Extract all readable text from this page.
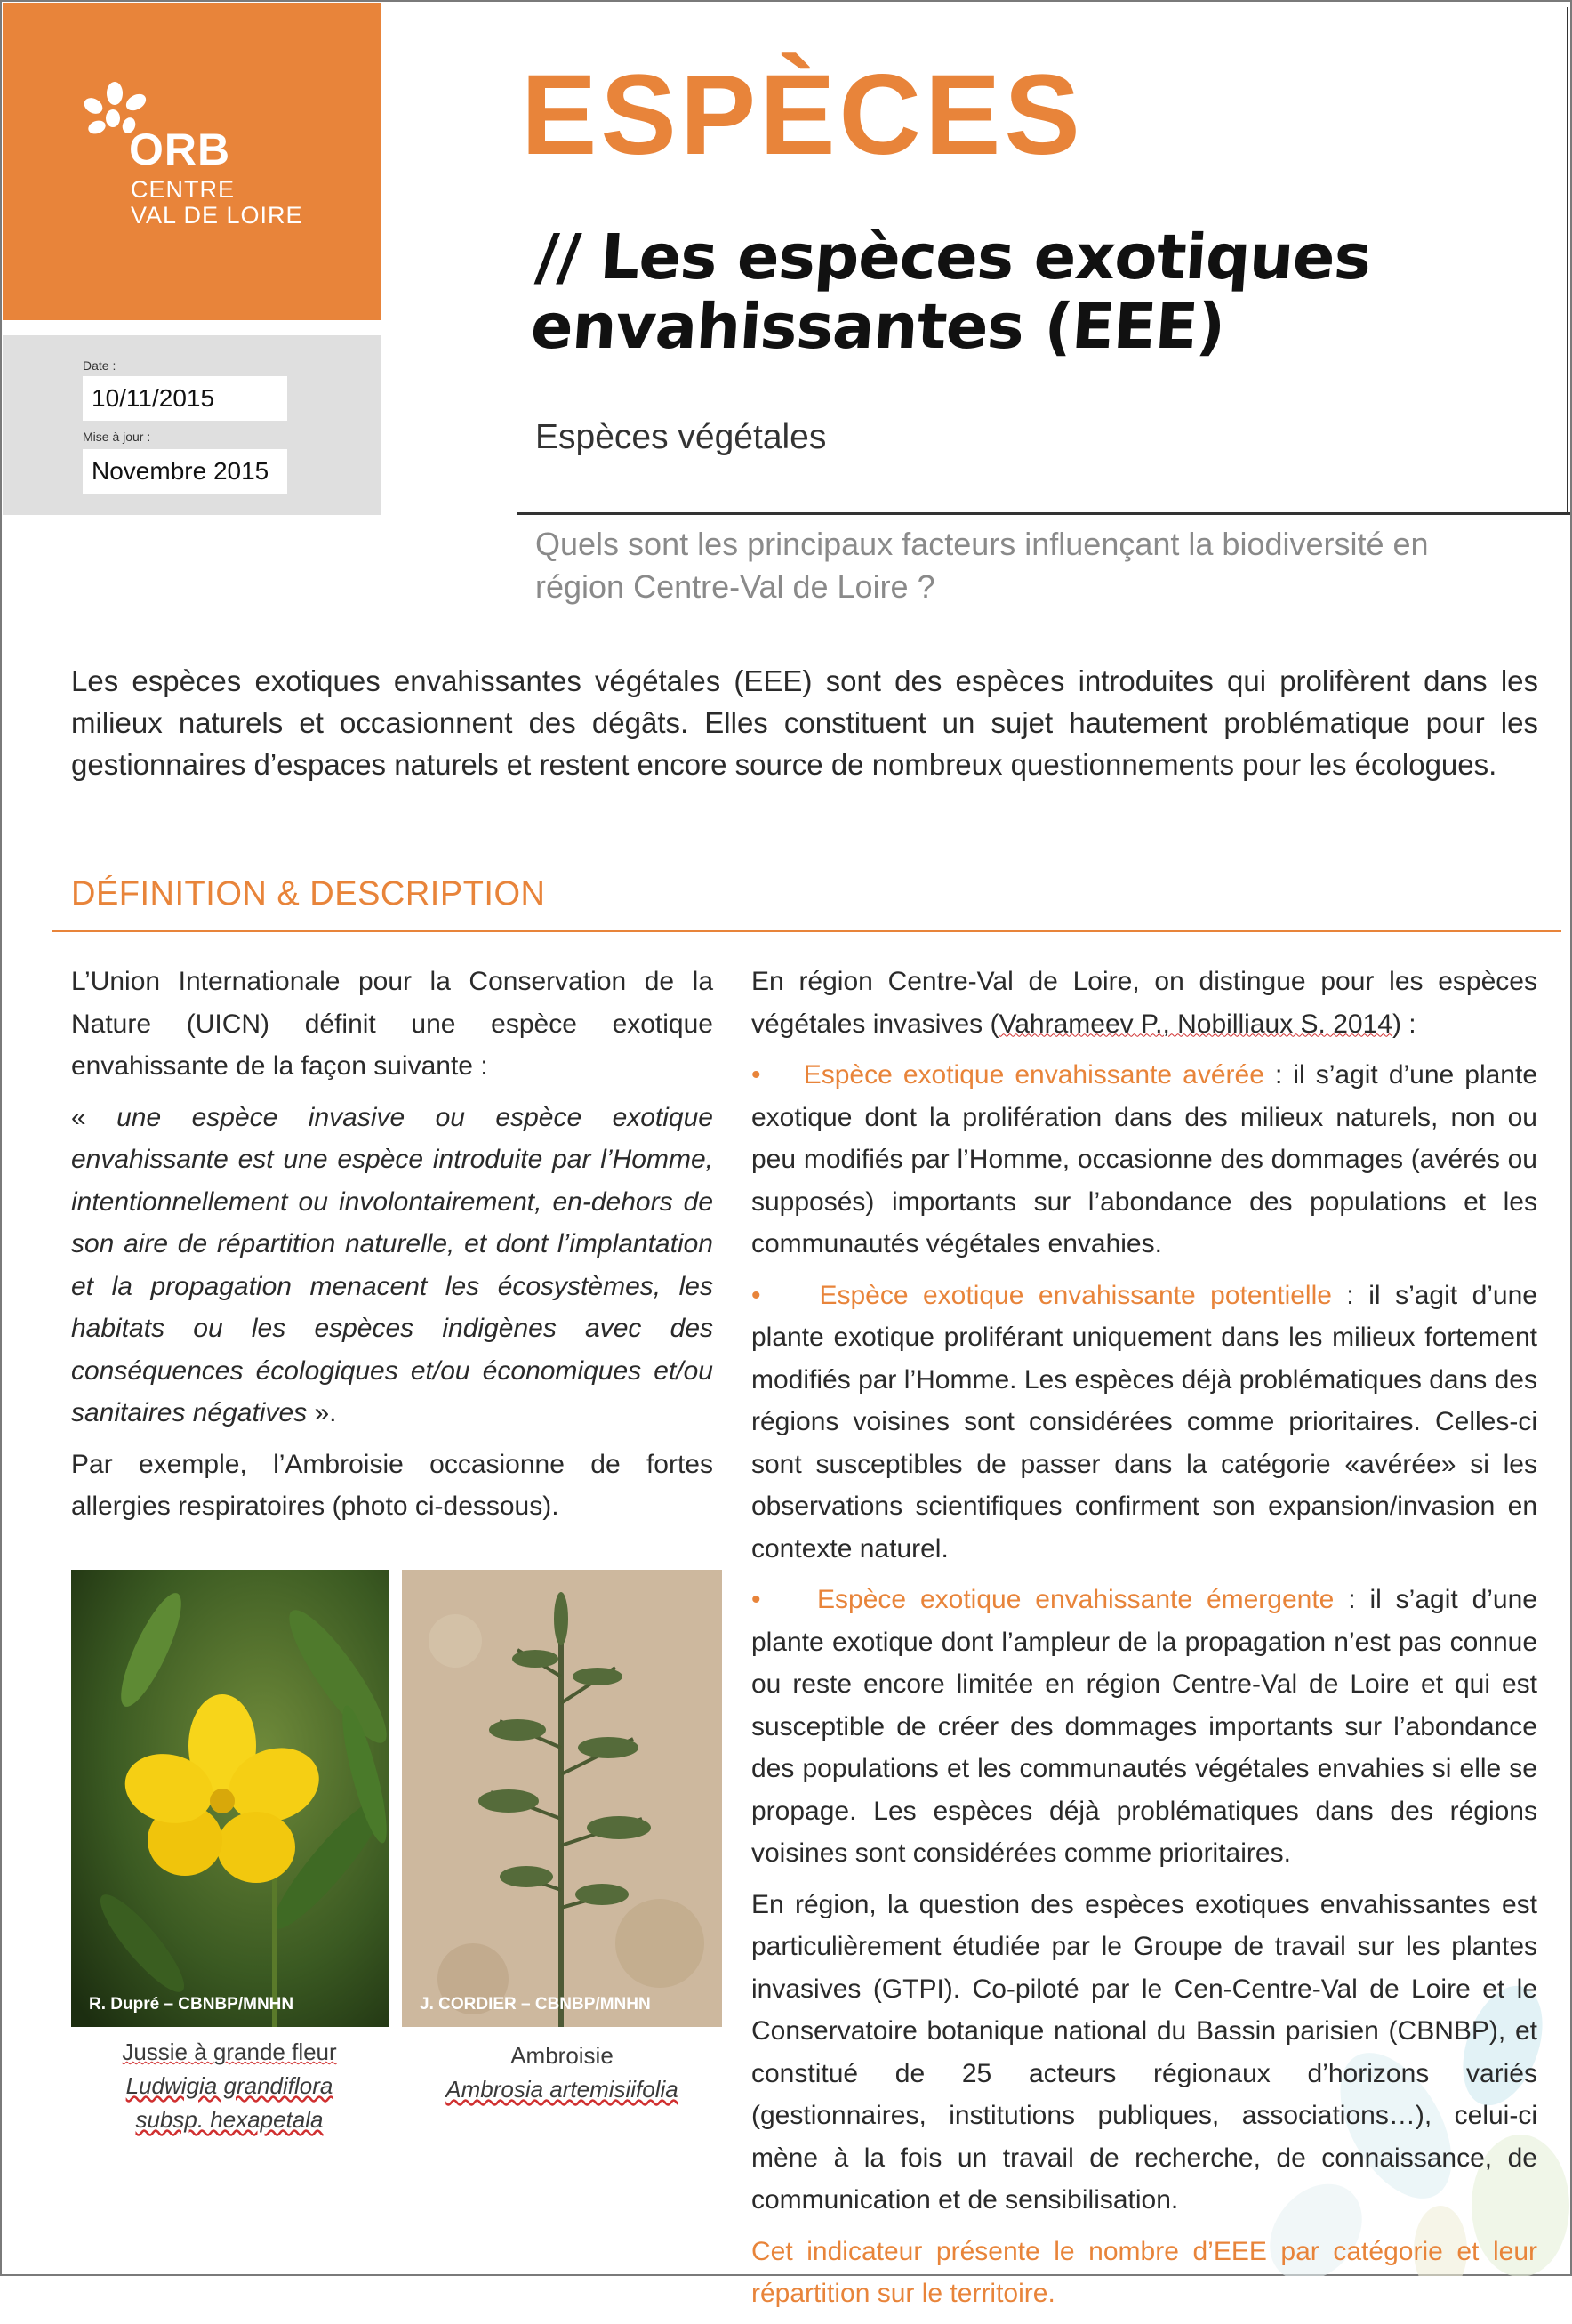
ORB
CENTRE
VAL DE LOIRE
Date :
10/11/2015
Mise à jour :
Novembre 2015
ESPÈCES
// Les espèces exotiques
envahissantes (EEE)
Espèces végétales
Quels sont les principaux facteurs influençant la biodiversité en région Centre-Val de Loire ?
Les espèces exotiques envahissantes végétales (EEE) sont des espèces introduites qui prolifèrent dans les milieux naturels et occasionnent des dégâts. Elles constituent un sujet hautement problématique pour les gestionnaires d’espaces naturels et restent encore source de nombreux questionnements pour les écologues.
DÉFINITION & DESCRIPTION

L’Union Internationale pour la Conservation de la Nature (UICN) définit une espèce exotique envahissante de la façon suivante :

« une espèce invasive ou espèce exotique envahissante est une espèce introduite par l’Homme, intentionnellement ou involontairement, en-dehors de son aire de répartition naturelle, et dont l’implantation et la propagation menacent les écosystèmes, les habitats ou les espèces indigènes avec des conséquences écologiques et/ou économiques et/ou sanitaires négatives ».

Par exemple, l’Ambroisie occasionne de fortes allergies respiratoires (photo ci-dessous).

R. Dupré – CBNBP/MNHN	J. CORDIER – CBNBP/MNHN
Jussie à grande fleur
Ludwigia grandiflora subsp. hexapetala
Ambroisie
Ambrosia artemisiifolia

En région Centre-Val de Loire, on distingue pour les espèces végétales invasives (Vahrameev P., Nobilliaux S. 2014) :

• Espèce exotique envahissante avérée : il s’agit d’une plante exotique dont la prolifération dans des milieux naturels, non ou peu modifiés par l’Homme, occasionne des dommages (avérés ou supposés) importants sur l’abondance des populations et les communautés végétales envahies.

• Espèce exotique envahissante potentielle : il s’agit d’une plante exotique proliférant uniquement dans les milieux fortement modifiés par l’Homme. Les espèces déjà problématiques dans des régions voisines sont considérées comme prioritaires. Celles-ci sont susceptibles de passer dans la catégorie «avérée» si les observations scientifiques confirment son expansion/invasion en contexte naturel.

• Espèce exotique envahissante émergente : il s’agit d’une plante exotique dont l’ampleur de la propagation n’est pas connue ou reste encore limitée en région Centre-Val de Loire et qui est susceptible de créer des dommages importants sur l’abondance des populations et les communautés végétales envahies si elle se propage. Les espèces déjà problématiques dans des régions voisines sont considérées comme prioritaires.

En région, la question des espèces exotiques envahissantes est particulièrement étudiée par le Groupe de travail sur les plantes invasives (GTPI). Co-piloté par le Cen-Centre-Val de Loire et le Conservatoire botanique national du Bassin parisien (CBNBP), et constitué de 25 acteurs régionaux d’horizons variés (gestionnaires, institutions publiques, associations…), celui-ci mène à la fois un travail de recherche, de connaissance, de communication et de sensibilisation.

Cet indicateur présente le nombre d’EEE par catégorie et leur répartition sur le territoire.
